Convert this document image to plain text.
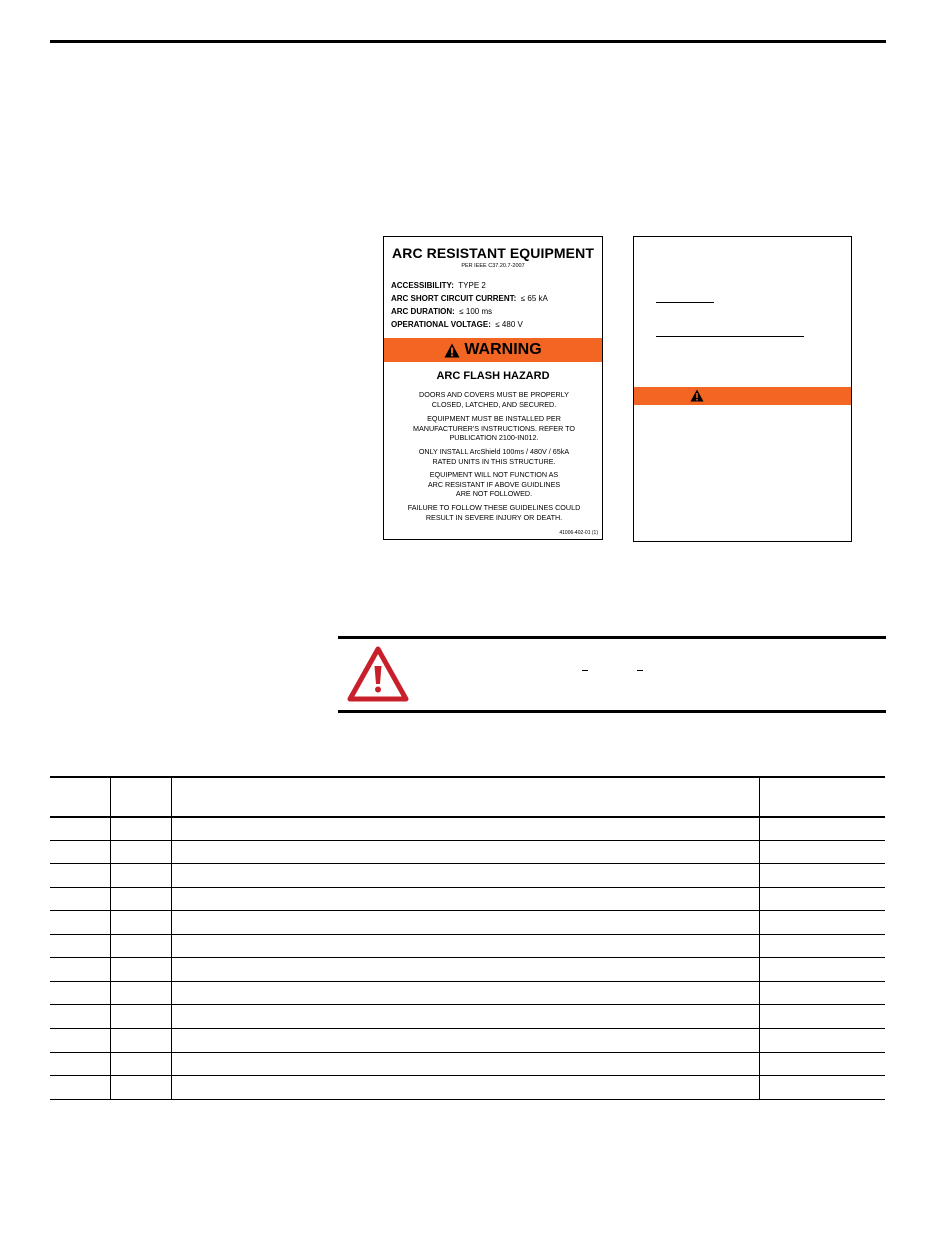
ARC RESISTANT EQUIPMENT
PER IEEE C37.20.7-2007
ACCESSIBILITY: TYPE 2
ARC SHORT CIRCUIT CURRENT: ≤ 65 kA
ARC DURATION: ≤ 100 ms
OPERATIONAL VOLTAGE: ≤ 480 V
WARNING
ARC FLASH HAZARD
DOORS AND COVERS MUST BE PROPERLY
CLOSED, LATCHED, AND SECURED.
EQUIPMENT MUST BE INSTALLED PER
MANUFACTURER'S INSTRUCTIONS. REFER TO
PUBLICATION 2100-IN012.
ONLY INSTALL ArcShield 100ms / 480V / 65kA
RATED UNITS IN THIS STRUCTURE.
EQUIPMENT WILL NOT FUNCTION AS
ARC RESISTANT IF ABOVE GUIDLINES
ARE NOT FOLLOWED.
FAILURE TO FOLLOW THESE GUIDELINES COULD
RESULT IN SEVERE INJURY OR DEATH.
41006-402-01 (1)
